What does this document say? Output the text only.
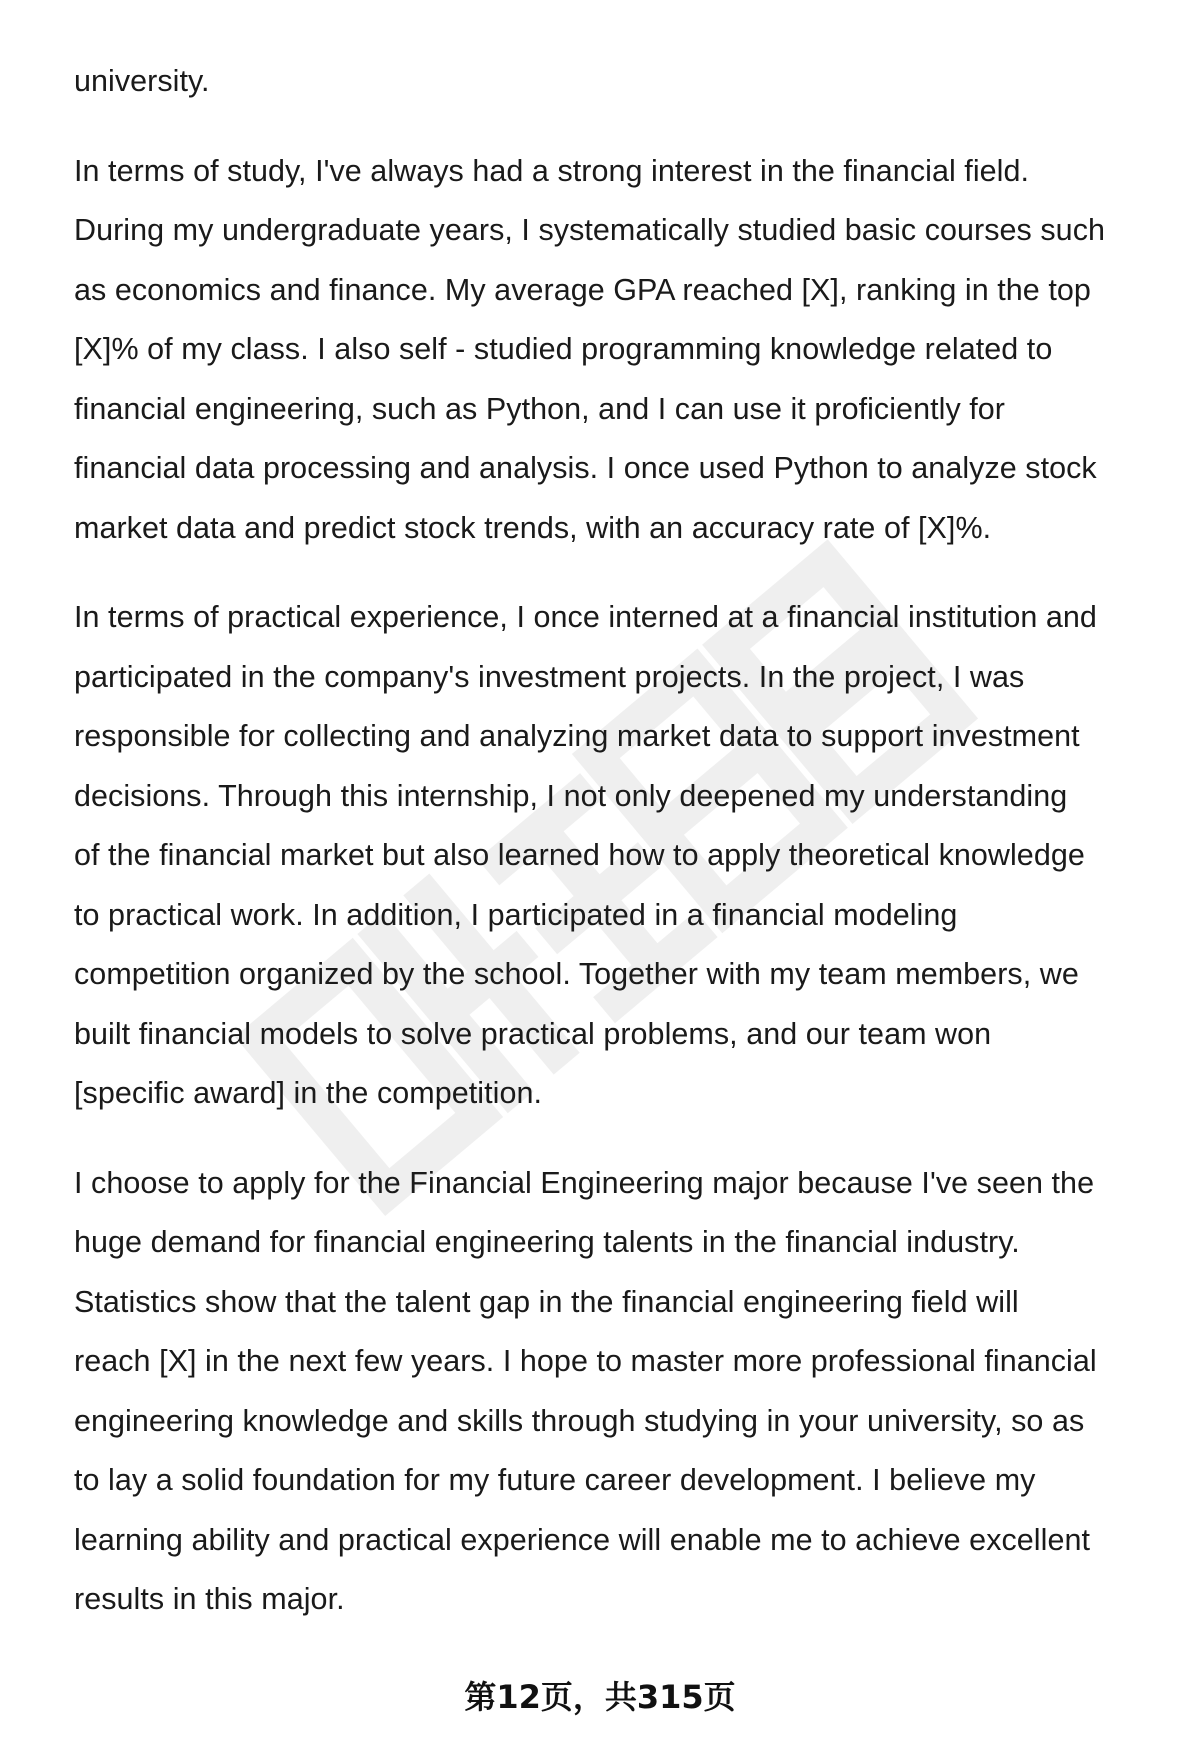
university.
In terms of study, I've always had a strong interest in the financial field.
During my undergraduate years, I systematically studied basic courses such
as economics and finance. My average GPA reached [X], ranking in the top
[X]% of my class. I also self - studied programming knowledge related to
financial engineering, such as Python, and I can use it proficiently for
financial data processing and analysis. I once used Python to analyze stock
market data and predict stock trends, with an accuracy rate of [X]%.
In terms of practical experience, I once interned at a financial institution and
participated in the company's investment projects. In the project, I was
responsible for collecting and analyzing market data to support investment
decisions. Through this internship, I not only deepened my understanding
of the financial market but also learned how to apply theoretical knowledge
to practical work. In addition, I participated in a financial modeling
competition organized by the school. Together with my team members, we
built financial models to solve practical problems, and our team won
[specific award] in the competition.
I choose to apply for the Financial Engineering major because I've seen the
huge demand for financial engineering talents in the financial industry.
Statistics show that the talent gap in the financial engineering field will
reach [X] in the next few years. I hope to master more professional financial
engineering knowledge and skills through studying in your university, so as
to lay a solid foundation for my future career development. I believe my
learning ability and practical experience will enable me to achieve excellent
results in this major.
第12页，共315页
